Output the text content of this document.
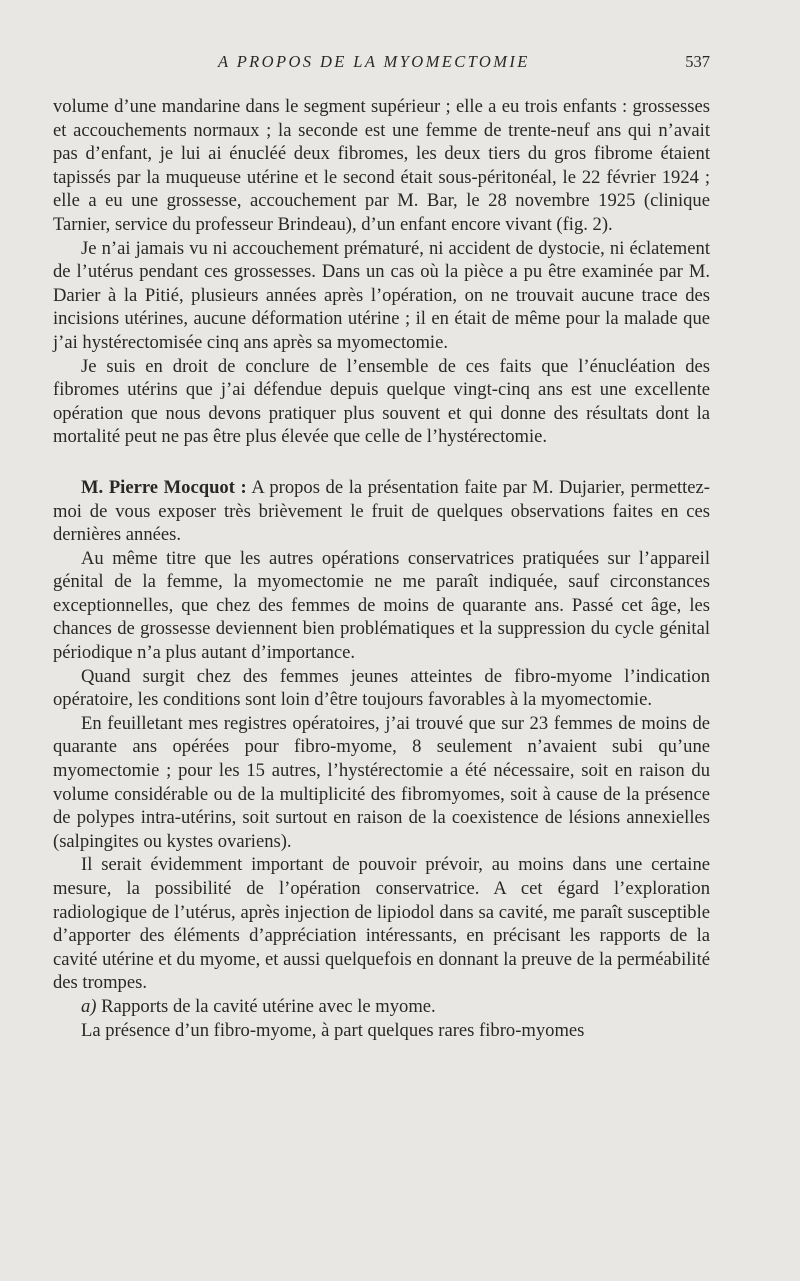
A PROPOS DE LA MYOMECTOMIE	537

volume d’une mandarine dans le segment supérieur ; elle a eu trois enfants : grossesses et accouchements normaux ; la seconde est une femme de trente-neuf ans qui n’avait pas d’enfant, je lui ai énucléé deux fibromes, les deux tiers du gros fibrome étaient tapissés par la muqueuse utérine et le second était sous-péritonéal, le 22 février 1924 ; elle a eu une grossesse, accouchement par M. Bar, le 28 novembre 1925 (clinique Tarnier, service du professeur Brindeau), d’un enfant encore vivant (fig. 2).

Je n’ai jamais vu ni accouchement prématuré, ni accident de dystocie, ni éclatement de l’utérus pendant ces grossesses. Dans un cas où la pièce a pu être examinée par M. Darier à la Pitié, plusieurs années après l’opération, on ne trouvait aucune trace des incisions utérines, aucune déformation utérine ; il en était de même pour la malade que j’ai hystérectomisée cinq ans après sa myomectomie.

Je suis en droit de conclure de l’ensemble de ces faits que l’énucléation des fibromes utérins que j’ai défendue depuis quelque vingt-cinq ans est une excellente opération que nous devons pratiquer plus souvent et qui donne des résultats dont la mortalité peut ne pas être plus élevée que celle de l’hystérectomie.

M. Pierre Mocquot : A propos de la présentation faite par M. Dujarier, permettez-moi de vous exposer très brièvement le fruit de quelques observations faites en ces dernières années.

Au même titre que les autres opérations conservatrices pratiquées sur l’appareil génital de la femme, la myomectomie ne me paraît indiquée, sauf circonstances exceptionnelles, que chez des femmes de moins de quarante ans. Passé cet âge, les chances de grossesse deviennent bien problématiques et la suppression du cycle génital périodique n’a plus autant d’importance.

Quand surgit chez des femmes jeunes atteintes de fibro-myome l’indication opératoire, les conditions sont loin d’être toujours favorables à la myomectomie.

En feuilletant mes registres opératoires, j’ai trouvé que sur 23 femmes de moins de quarante ans opérées pour fibro-myome, 8 seulement n’avaient subi qu’une myomectomie ; pour les 15 autres, l’hystérectomie a été nécessaire, soit en raison du volume considérable ou de la multiplicité des fibromyomes, soit à cause de la présence de polypes intra-utérins, soit surtout en raison de la coexistence de lésions annexielles (salpingites ou kystes ovariens).

Il serait évidemment important de pouvoir prévoir, au moins dans une certaine mesure, la possibilité de l’opération conservatrice. A cet égard l’exploration radiologique de l’utérus, après injection de lipiodol dans sa cavité, me paraît susceptible d’apporter des éléments d’appréciation intéressants, en précisant les rapports de la cavité utérine et du myome, et aussi quelquefois en donnant la preuve de la perméabilité des trompes.

a) Rapports de la cavité utérine avec le myome.

La présence d’un fibro-myome, à part quelques rares fibro-myomes
